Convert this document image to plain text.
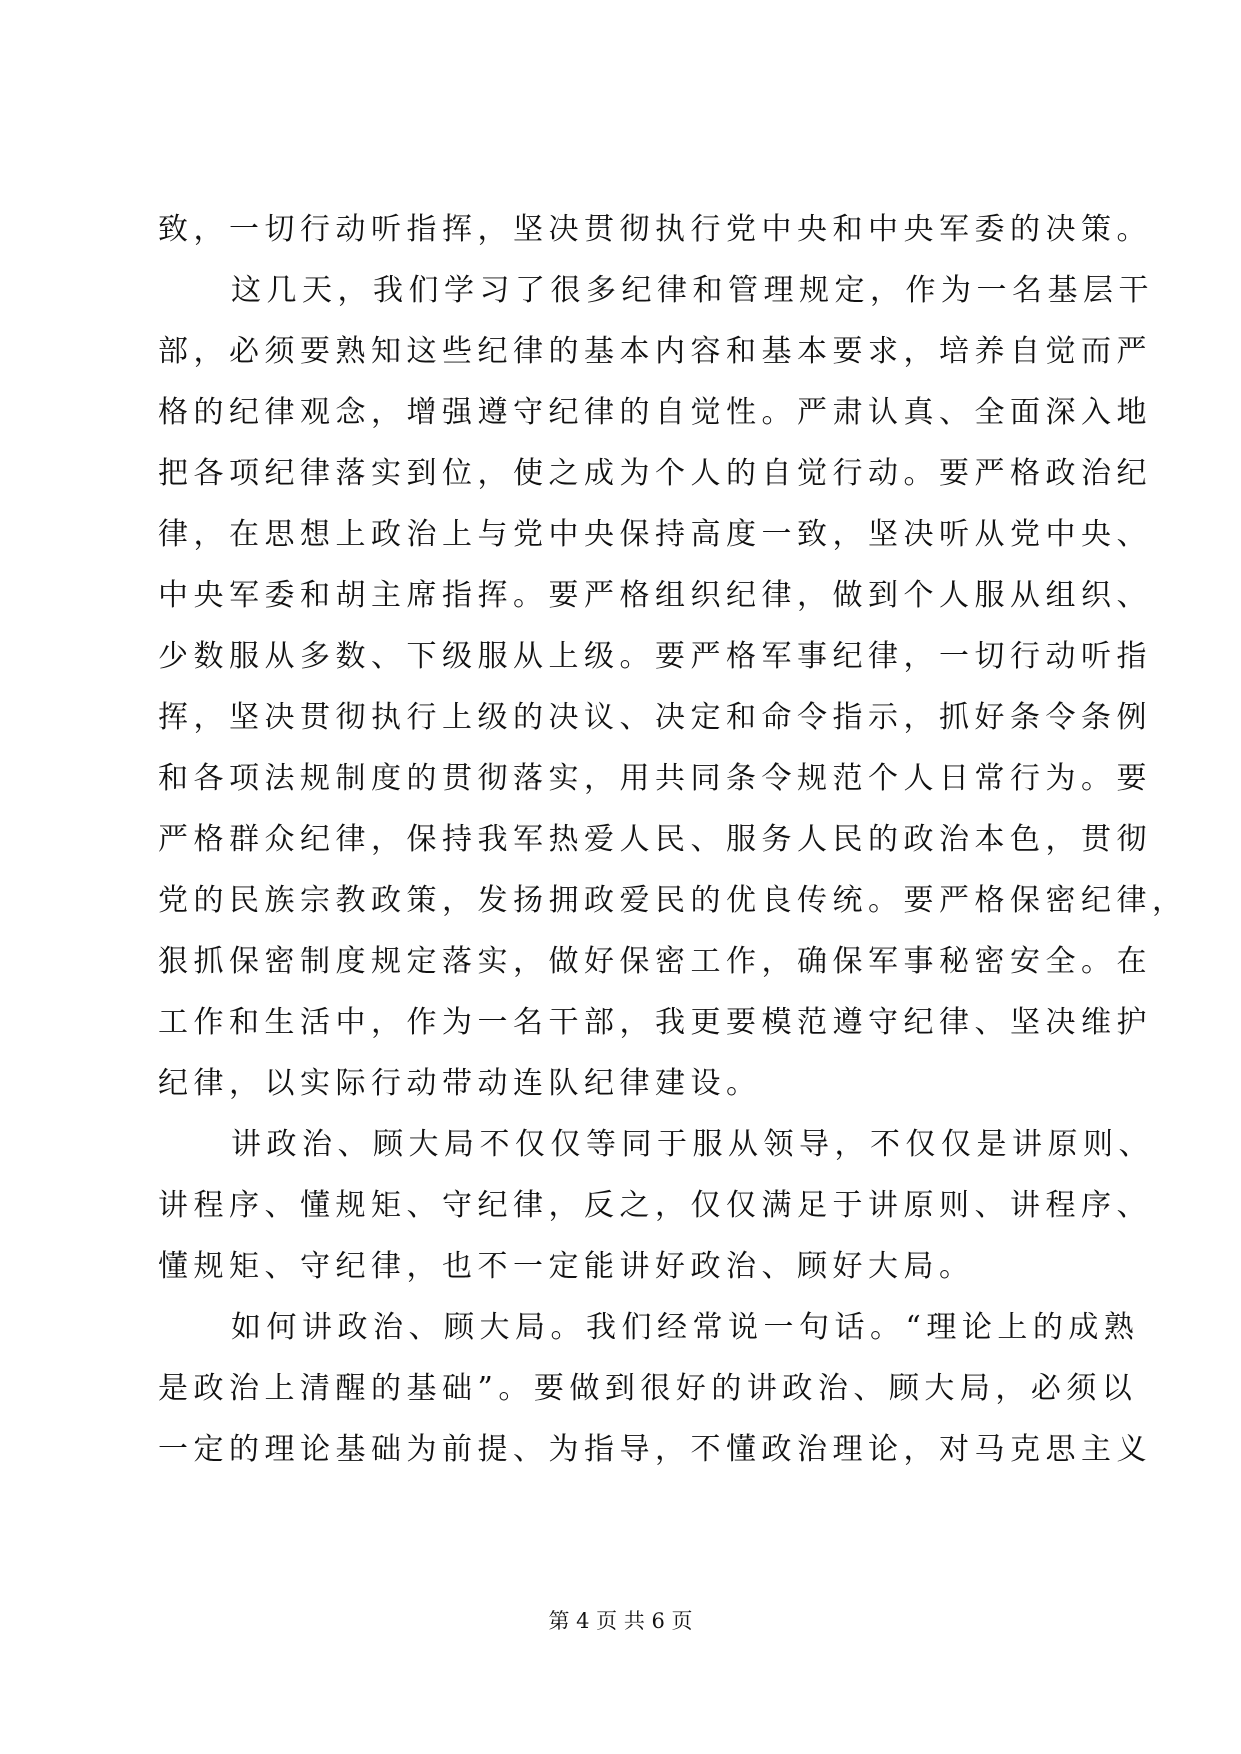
致，一切行动听指挥，坚决贯彻执行党中央和中央军委的决策。
这几天，我们学习了很多纪律和管理规定，作为一名基层干
部，必须要熟知这些纪律的基本内容和基本要求，培养自觉而严
格的纪律观念，增强遵守纪律的自觉性。严肃认真、全面深入地
把各项纪律落实到位，使之成为个人的自觉行动。要严格政治纪
律，在思想上政治上与党中央保持高度一致，坚决听从党中央、
中央军委和胡主席指挥。要严格组织纪律，做到个人服从组织、
少数服从多数、下级服从上级。要严格军事纪律，一切行动听指
挥，坚决贯彻执行上级的决议、决定和命令指示，抓好条令条例
和各项法规制度的贯彻落实，用共同条令规范个人日常行为。要
严格群众纪律，保持我军热爱人民、服务人民的政治本色，贯彻
党的民族宗教政策，发扬拥政爱民的优良传统。要严格保密纪律，
狠抓保密制度规定落实，做好保密工作，确保军事秘密安全。在
工作和生活中，作为一名干部，我更要模范遵守纪律、坚决维护
纪律，以实际行动带动连队纪律建设。
讲政治、顾大局不仅仅等同于服从领导，不仅仅是讲原则、
讲程序、懂规矩、守纪律，反之，仅仅满足于讲原则、讲程序、
懂规矩、守纪律，也不一定能讲好政治、顾好大局。
如何讲政治、顾大局。我们经常说一句话。“理论上的成熟
是政治上清醒的基础”。要做到很好的讲政治、顾大局，必须以
一定的理论基础为前提、为指导，不懂政治理论，对马克思主义
第 4 页 共 6 页
